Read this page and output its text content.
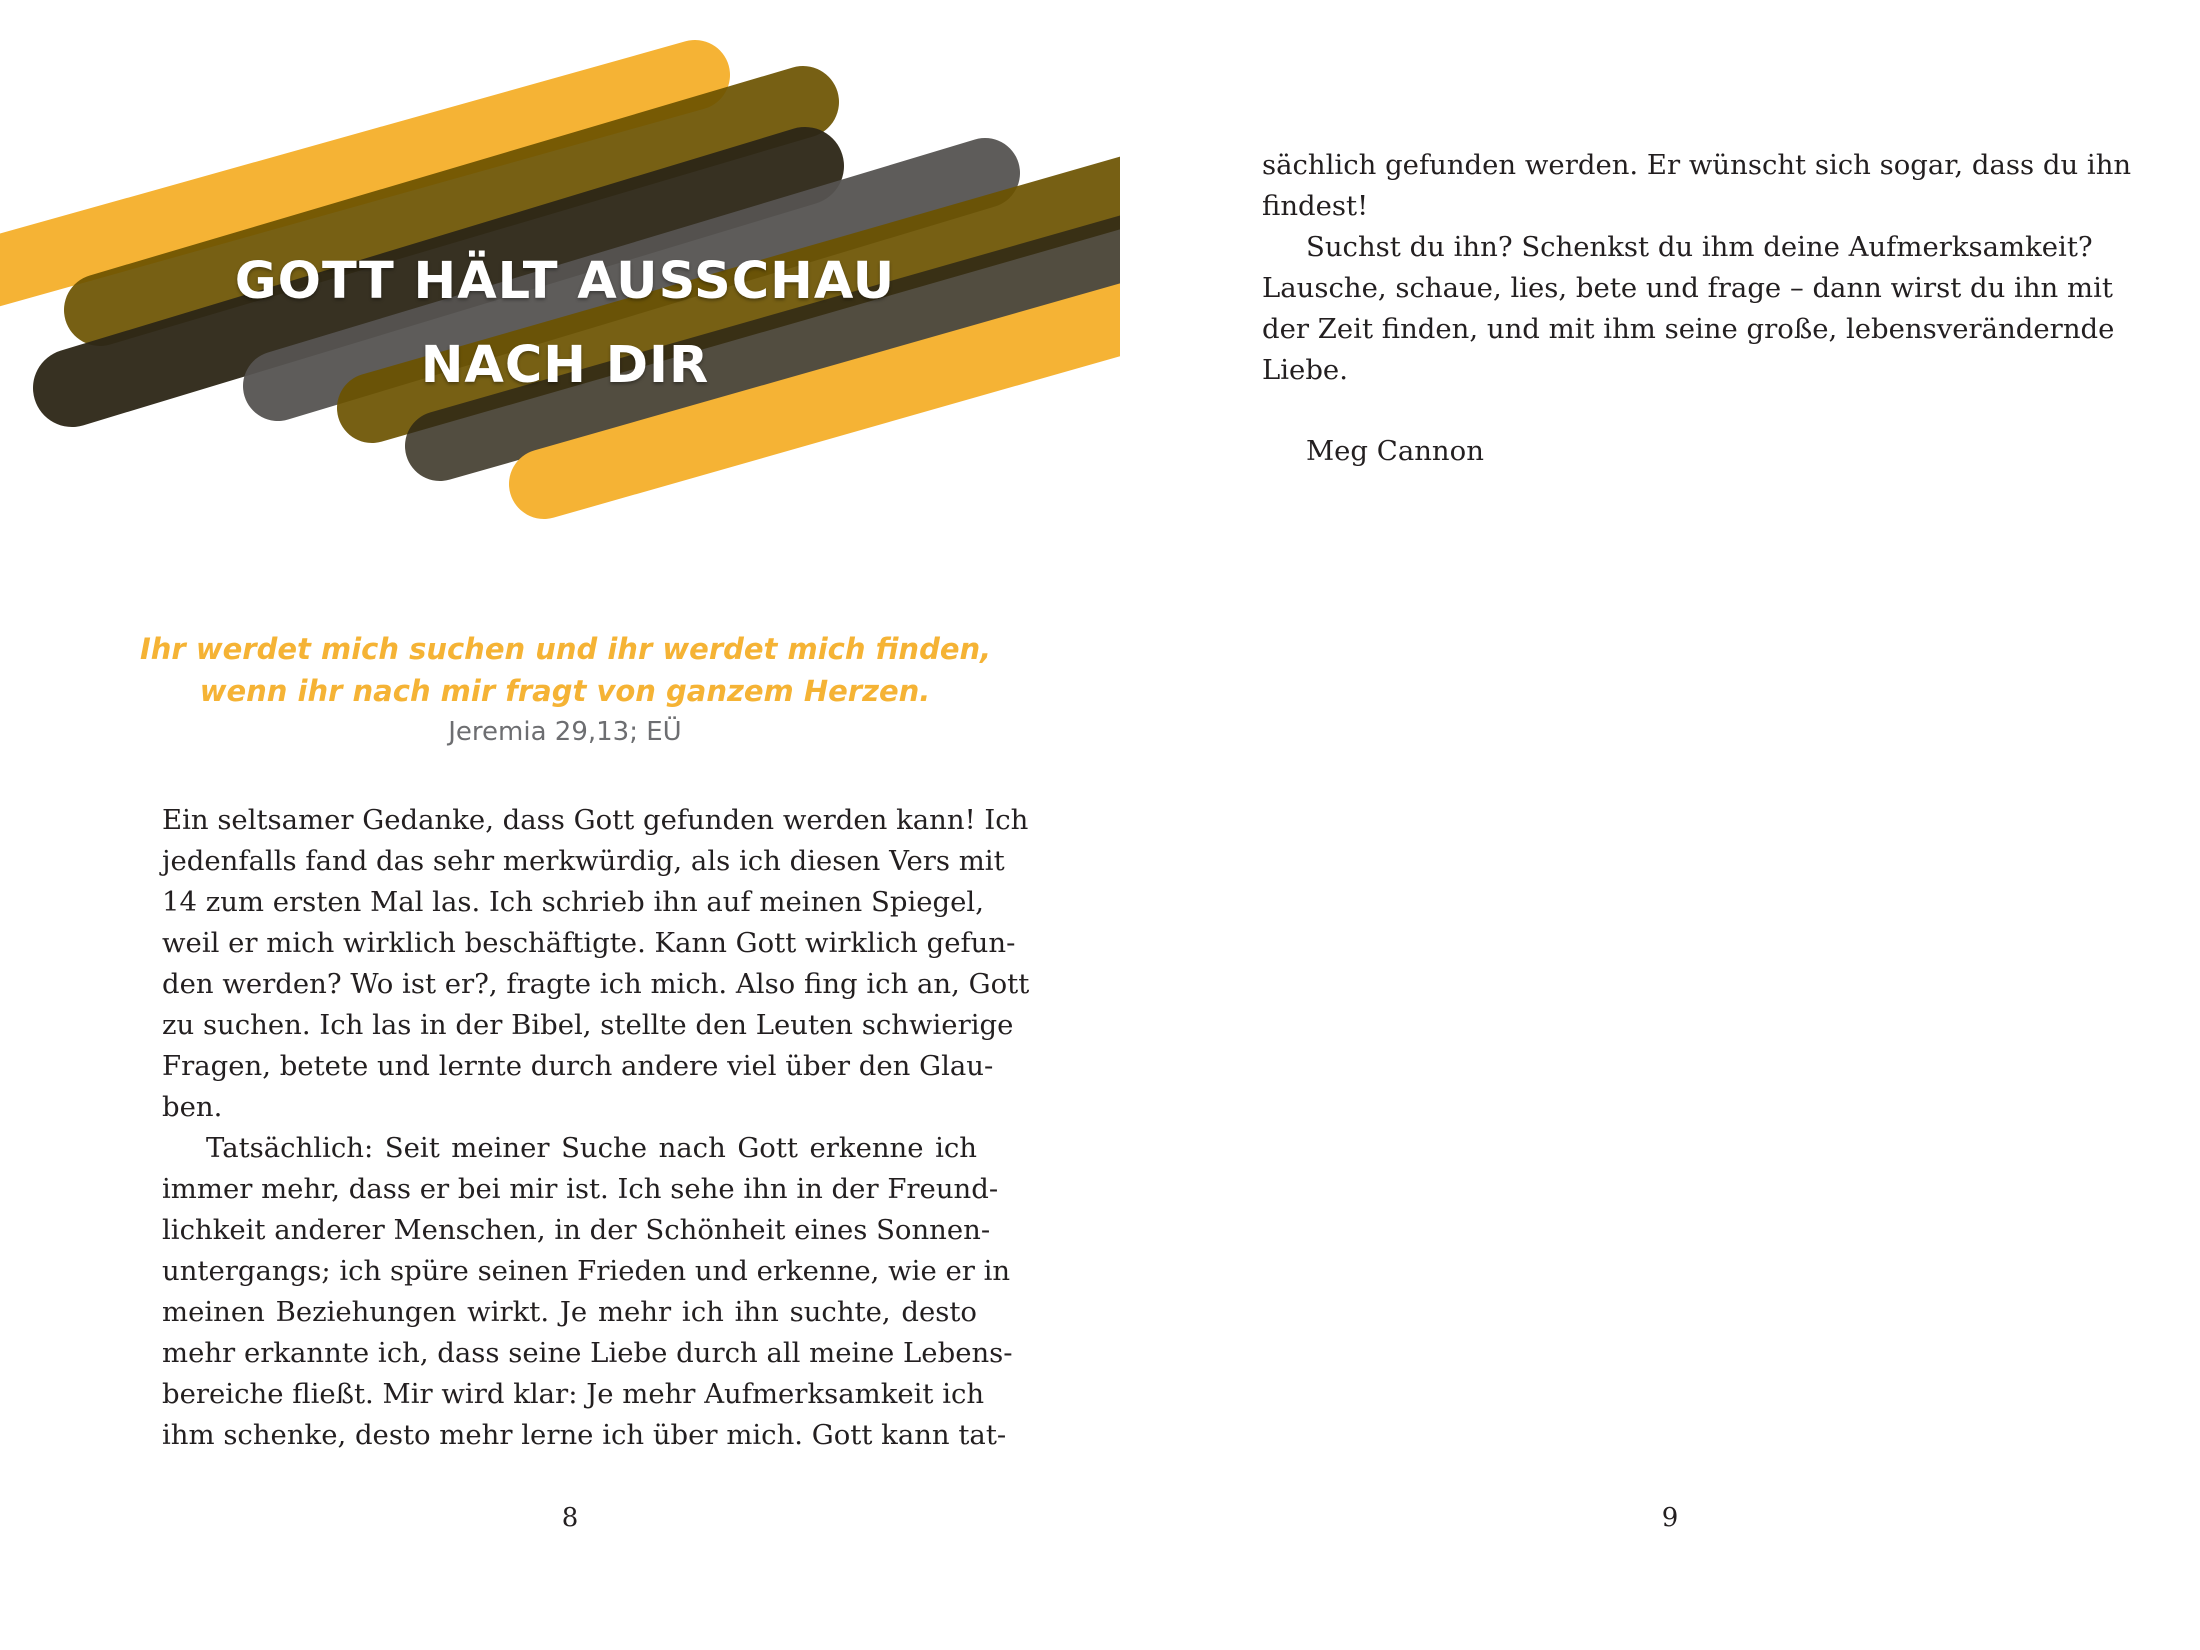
GOTT HÄLT AUSSCHAU
NACH DIR
Ihr werdet mich suchen und ihr werdet mich finden,
wenn ihr nach mir fragt von ganzem Herzen.
Jeremia 29,13; EÜ
Ein seltsamer Gedanke, dass Gott gefunden werden kann! Ich
jedenfalls fand das sehr merkwürdig, als ich diesen Vers mit
14 zum ersten Mal las. Ich schrieb ihn auf meinen Spiegel,
weil er mich wirklich beschäftigte. Kann Gott wirklich gefun-
den werden? Wo ist er?, fragte ich mich. Also fing ich an, Gott
zu suchen. Ich las in der Bibel, stellte den Leuten schwierige
Fragen, betete und lernte durch andere viel über den Glau-
ben.
Tatsächlich: Seit meiner Suche nach Gott erkenne ich
immer mehr, dass er bei mir ist. Ich sehe ihn in der Freund-
lichkeit anderer Menschen, in der Schönheit eines Sonnen-
untergangs; ich spüre seinen Frieden und erkenne, wie er in
meinen Beziehungen wirkt. Je mehr ich ihn suchte, desto
mehr erkannte ich, dass seine Liebe durch all meine Lebens-
bereiche fließt. Mir wird klar: Je mehr Aufmerksamkeit ich
ihm schenke, desto mehr lerne ich über mich. Gott kann tat-
8
sächlich gefunden werden. Er wünscht sich sogar, dass du ihn
findest!
Suchst du ihn? Schenkst du ihm deine Aufmerksamkeit?
Lausche, schaue, lies, bete und frage – dann wirst du ihn mit
der Zeit finden, und mit ihm seine große, lebensverändernde
Liebe.
Meg Cannon
9
